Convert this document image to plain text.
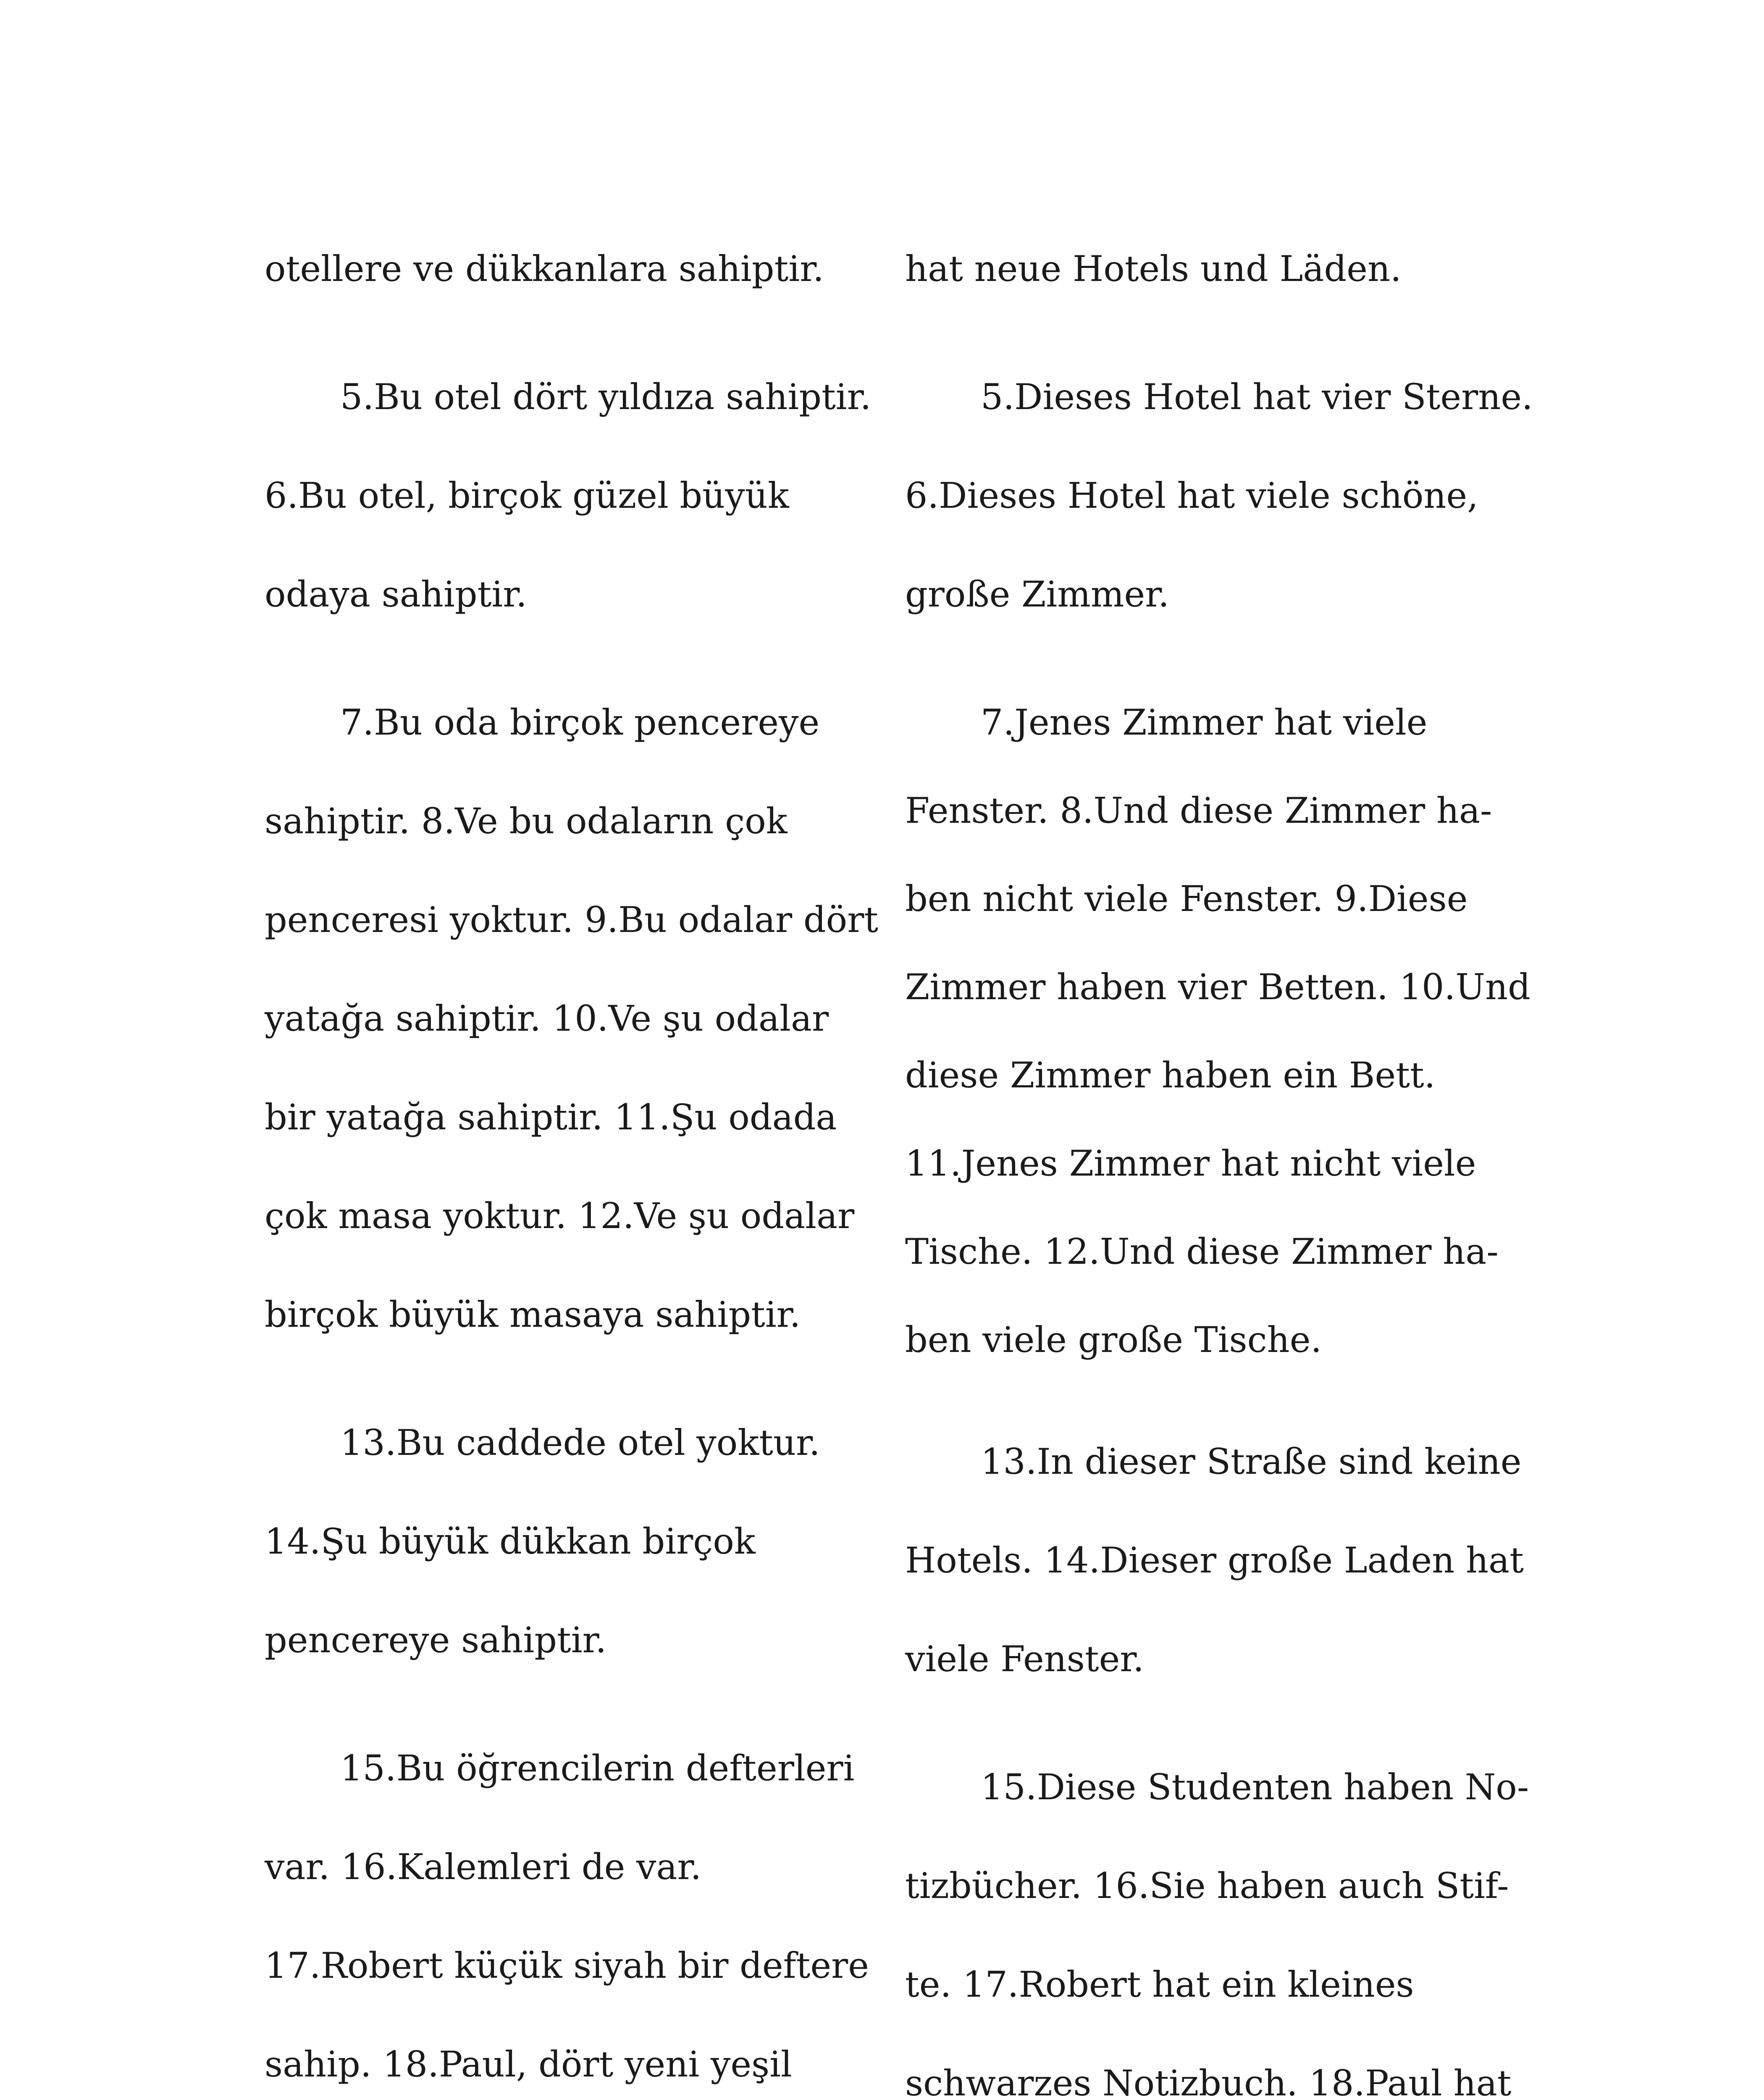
otellere ve dükkanlara sahiptir.
5.Bu otel dört yıldıza sahiptir.
6.Bu otel, birçok güzel büyük
odaya sahiptir.
7.Bu oda birçok pencereye
sahiptir. 8.Ve bu odaların çok
penceresi yoktur. 9.Bu odalar dört
yatağa sahiptir. 10.Ve şu odalar
bir yatağa sahiptir. 11.Şu odada
çok masa yoktur. 12.Ve şu odalar
birçok büyük masaya sahiptir.
13.Bu caddede otel yoktur.
14.Şu büyük dükkan birçok
pencereye sahiptir.
15.Bu öğrencilerin defterleri
var. 16.Kalemleri de var.
17.Robert küçük siyah bir deftere
sahip. 18.Paul, dört yeni yeşil
hat neue Hotels und Läden.
5.Dieses Hotel hat vier Sterne.
6.Dieses Hotel hat viele schöne,
große Zimmer.
7.Jenes Zimmer hat viele
Fenster. 8.Und diese Zimmer ha-
ben nicht viele Fenster. 9.Diese
Zimmer haben vier Betten. 10.Und
diese Zimmer haben ein Bett.
11.Jenes Zimmer hat nicht viele
Tische. 12.Und diese Zimmer ha-
ben viele große Tische.
13.In dieser Straße sind keine
Hotels. 14.Dieser große Laden hat
viele Fenster.
15.Diese Studenten haben No-
tizbücher. 16.Sie haben auch Stif-
te. 17.Robert hat ein kleines
schwarzes Notizbuch. 18.Paul hat
